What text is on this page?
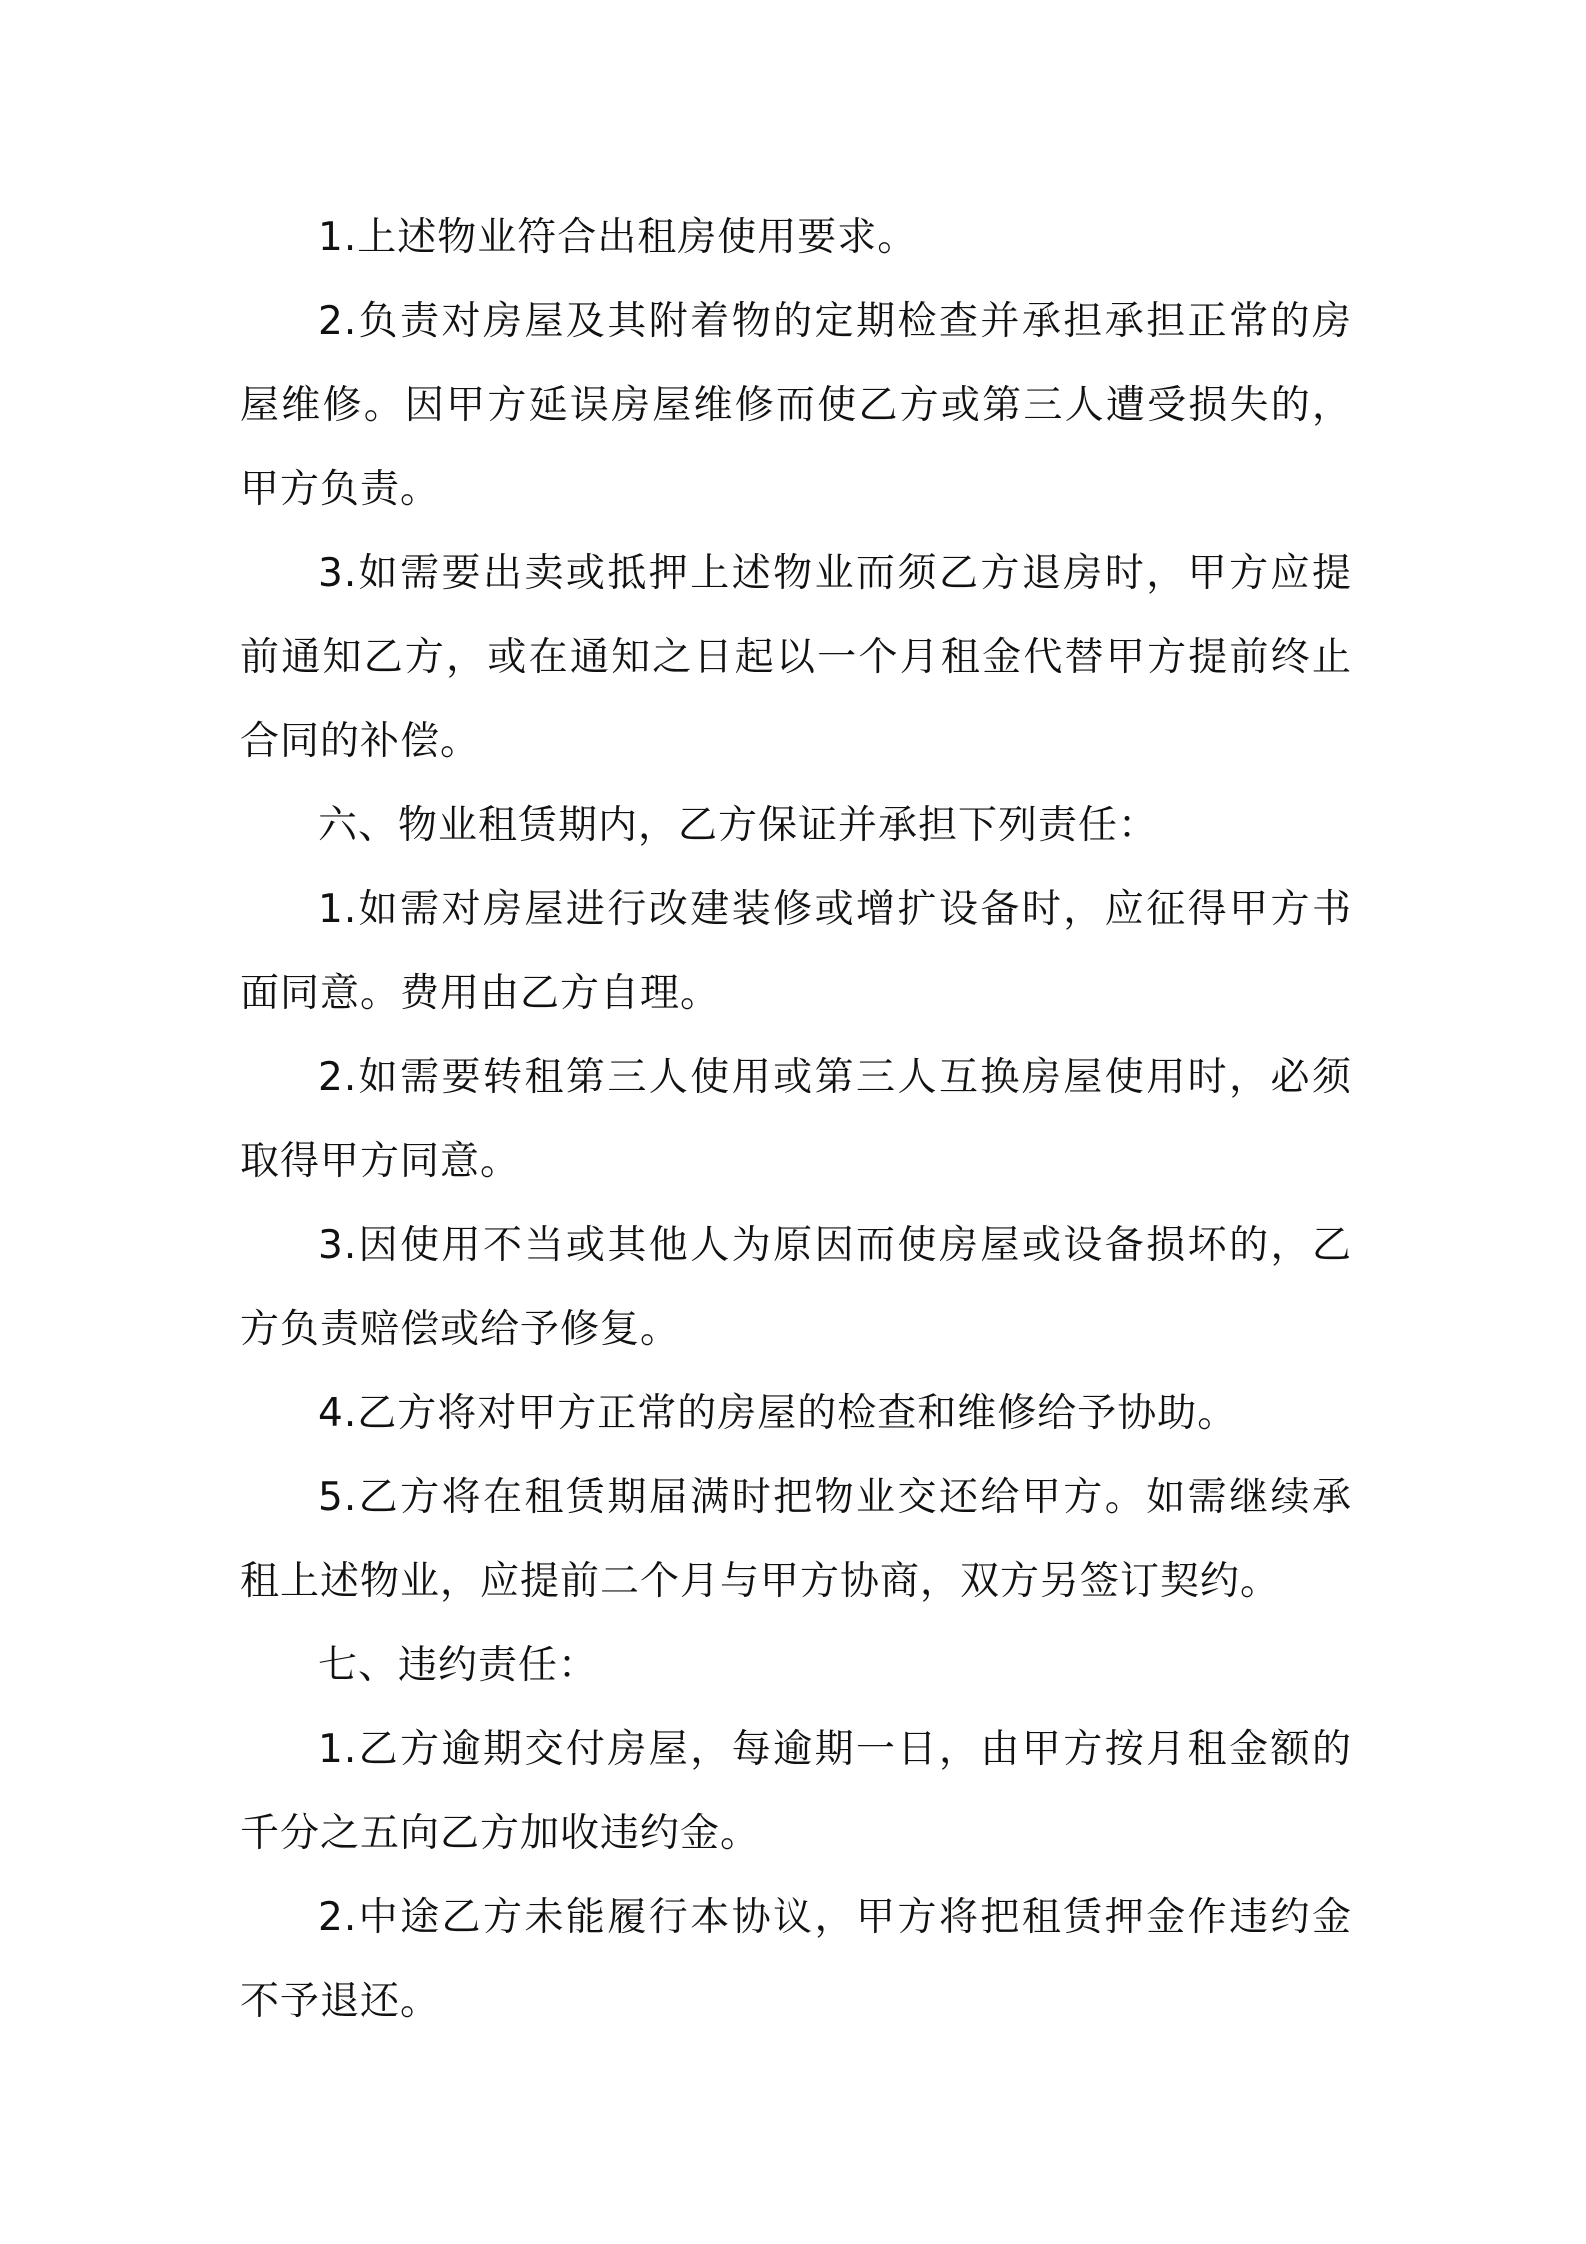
1.上述物业符合出租房使用要求。

2.负责对房屋及其附着物的定期检查并承担承担正常的房屋维修。因甲方延误房屋维修而使乙方或第三人遭受损失的，甲方负责。

3.如需要出卖或抵押上述物业而须乙方退房时，甲方应提前通知乙方，或在通知之日起以一个月租金代替甲方提前终止合同的补偿。

六、物业租赁期内，乙方保证并承担下列责任：

1.如需对房屋进行改建装修或增扩设备时，应征得甲方书面同意。费用由乙方自理。

2.如需要转租第三人使用或第三人互换房屋使用时，必须取得甲方同意。

3.因使用不当或其他人为原因而使房屋或设备损坏的，乙方负责赔偿或给予修复。

4.乙方将对甲方正常的房屋的检查和维修给予协助。

5.乙方将在租赁期届满时把物业交还给甲方。如需继续承租上述物业，应提前二个月与甲方协商，双方另签订契约。

七、违约责任：

1.乙方逾期交付房屋，每逾期一日，由甲方按月租金额的千分之五向乙方加收违约金。

2.中途乙方未能履行本协议，甲方将把租赁押金作违约金不予退还。
